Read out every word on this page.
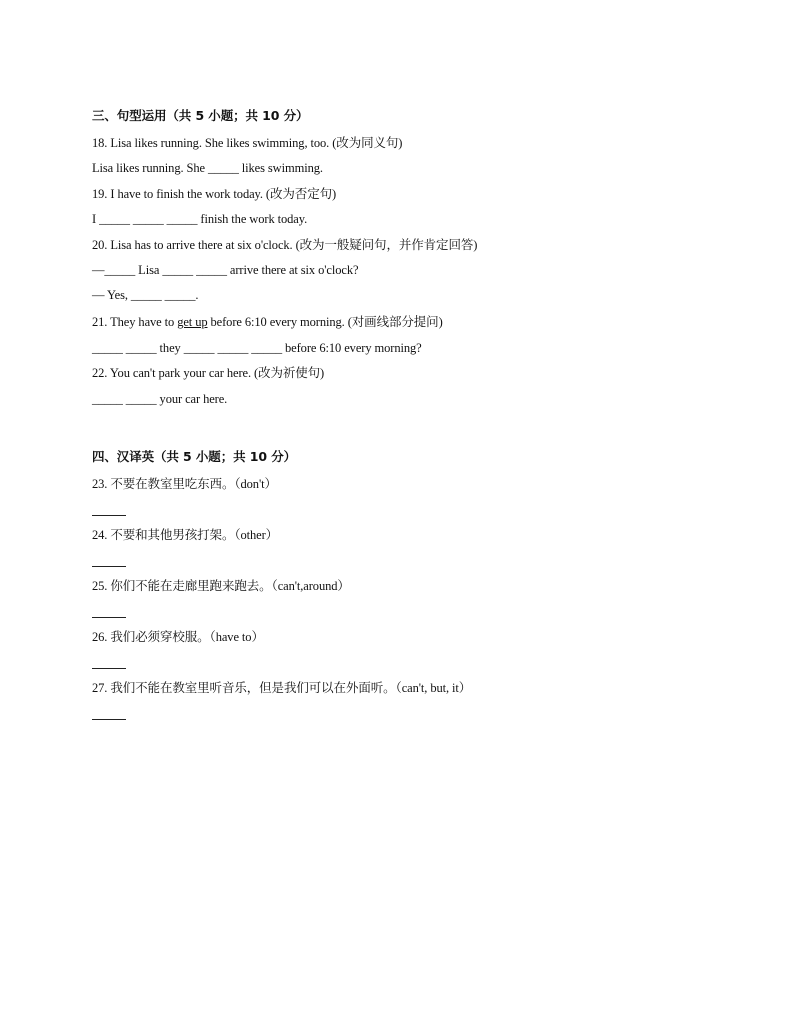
三、句型运用（共 5 小题；共 10 分）
18. Lisa likes running. She likes swimming, too. (改为同义句)
Lisa likes running. She _____ likes swimming.
19. I have to finish the work today. (改为否定句)
I _____ _____ _____ finish the work today.
20. Lisa has to arrive there at six o'clock. (改为一般疑问句，并作肯定回答)
—_____ Lisa _____ _____ arrive there at six o'clock?
— Yes, _____ _____.
21. They have to get up before 6:10 every morning. (对画线部分提问)
_____ _____ they _____ _____ _____ before 6:10 every morning?
22. You can't park your car here. (改为祈使句)
_____ _____ your car here.
四、汉译英（共 5 小题；共 10 分）
23. 不要在教室里吃东西。（don't）
24. 不要和其他男孩打架。（other）
25. 你们不能在走廊里跑来跑去。（can't,around）
26. 我们必须穿校服。（have to）
27. 我们不能在教室里听音乐，但是我们可以在外面听。（can't, but, it）
